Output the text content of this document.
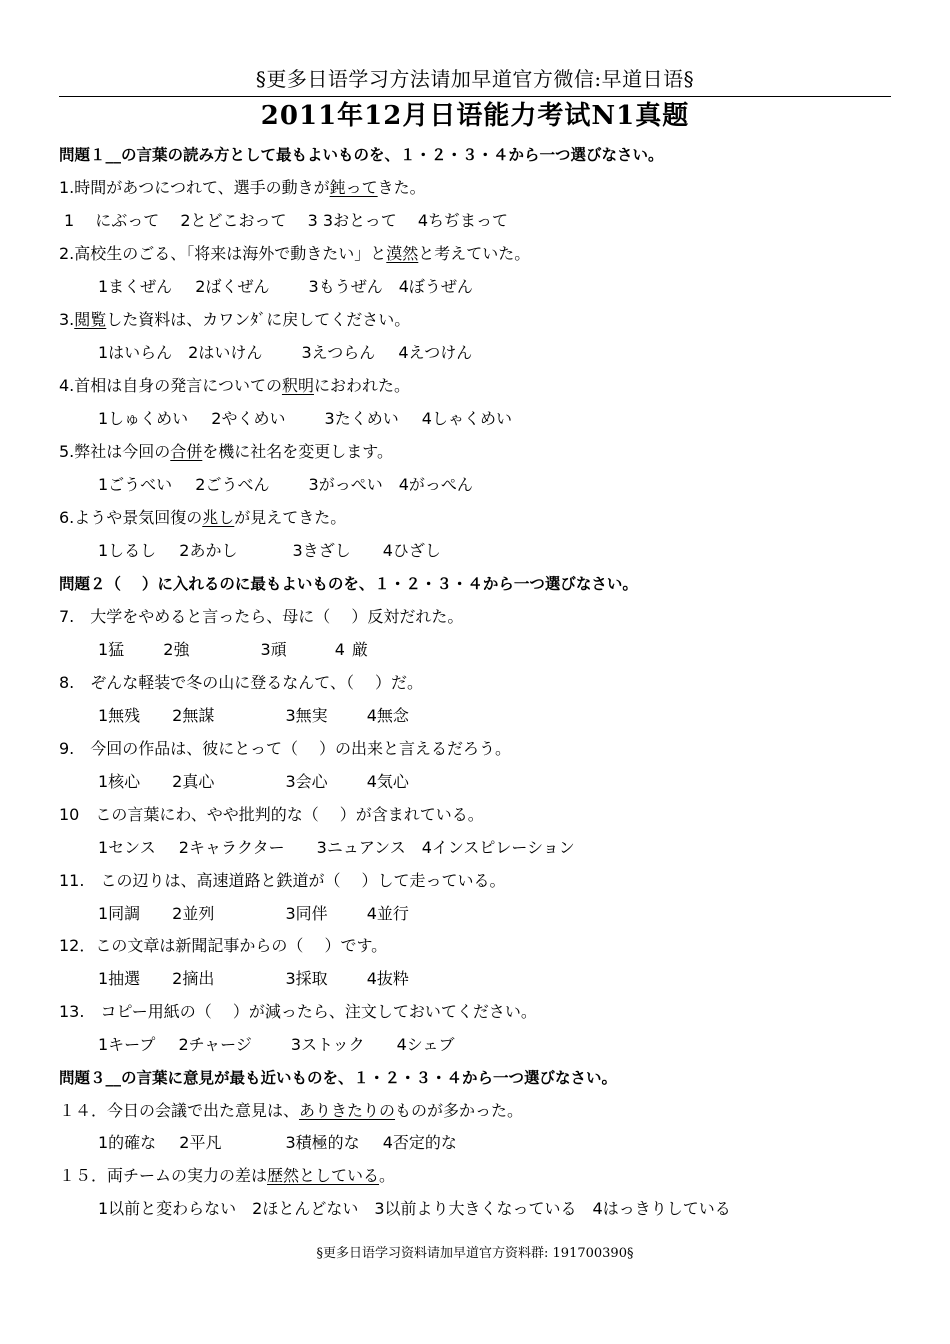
§更多日语学习方法请加早道官方微信:早道日语§
2011年12月日语能力考试N1真题
問題１__の言葉の読み方として最もよいものを、１・２・３・４から一つ選びなさい。
1.時間があつにつれて、選手の動きが鈍ってきた。
1　 にぶって　 2とどこおって　 3 3おとって　 4ちぢまって
2.高校生のごる、「将来は海外で動きたい」と漠然と考えていた。
1まくぜん　 2ばくぜん　　 3もうぜん　4ぼうぜん
3.閲覧した資料は、カワンﾀﾞに戻してください。
1はいらん　2はいけん　　 3えつらん　 4えつけん
4.首相は自身の発言についての釈明におわれた。
1しゅくめい　 2やくめい　　 3たくめい　 4しゃくめい
5.弊社は今回の合併を機に社名を変更します。
1ごうべい　 2ごうべん　　 3がっぺい　4がっぺん
6.ようや景気回復の兆しが見えてきた。
1しるし　 2あかし　　　 3きざし　　4ひざし
問題２（　 ）に入れるのに最もよいものを、１・２・３・４から一つ選びなさい。
7.　大学をやめると言ったら、母に（　 ）反対だれた。
1猛　　 2強　　　　 3頑　　　4 厳
8.　ぞんな軽装で冬の山に登るなんて、（　 ）だ。
1無残　　2無謀　　　　 3無実　　 4無念
9.　今回の作品は、彼にとって（　 ）の出来と言えるだろう。
1核心　　2真心　　　　 3会心　　 4気心
10　この言葉にわ、やや批判的な（　 ）が含まれている。
1センス　 2キャラクター　　3ニュアンス　4インスピレーション
11.　この辺りは、高速道路と鉄道が（　 ）して走っている。
1同調　　2並列　　　　 3同伴　　 4並行
12．この文章は新聞記事からの（　 ）です。
1抽選　　2摘出　　　　 3採取　　 4抜粋
13.　コピー用紙の（　 ）が減ったら、注文しておいてください。
1キープ　 2チャージ　　 3ストック　　4シェブ
問題３__の言葉に意見が最も近いものを、１・２・３・４から一つ選びなさい。
１４．今日の会議で出た意見は、ありきたりのものが多かった。
1的確な　 2平凡　　　　3積極的な　 4否定的な
１５．両チームの実力の差は歴然としている。
1以前と変わらない　2ほとんどない　3以前より大きくなっている　4はっきりしている
§更多日语学习资料请加早道官方资料群: 191700390§
